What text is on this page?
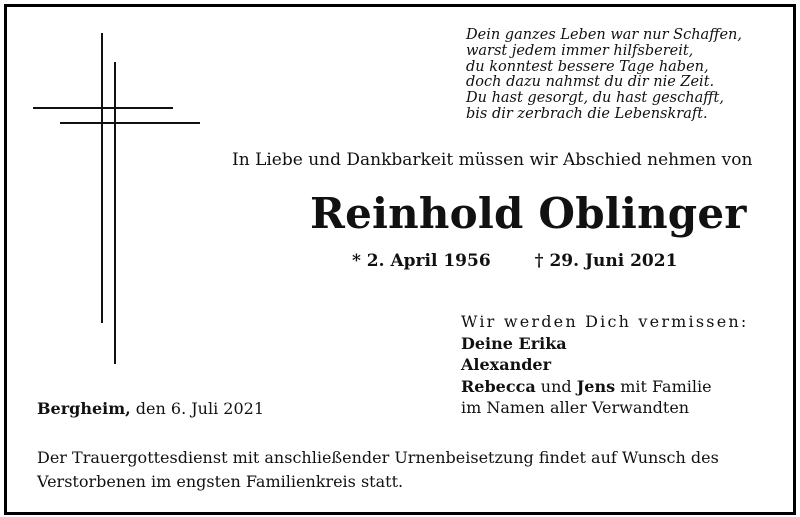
Dein ganzes Leben war nur Schaffen,
warst jedem immer hilfsbereit,
du konntest bessere Tage haben,
doch dazu nahmst du dir nie Zeit.
Du hast gesorgt, du hast geschafft,
bis dir zerbrach die Lebenskraft.
In Liebe und Dankbarkeit müssen wir Abschied nehmen von
Reinhold Oblinger
* 2. April 1956	† 29. Juni 2021
Wir werden Dich vermissen:
Deine Erika
Alexander
Rebecca und Jens mit Familie
im Namen aller Verwandten
Bergheim, den 6. Juli 2021
Der Trauergottesdienst mit anschließender Urnenbeisetzung findet auf Wunsch des Verstorbenen im engsten Familienkreis statt.
